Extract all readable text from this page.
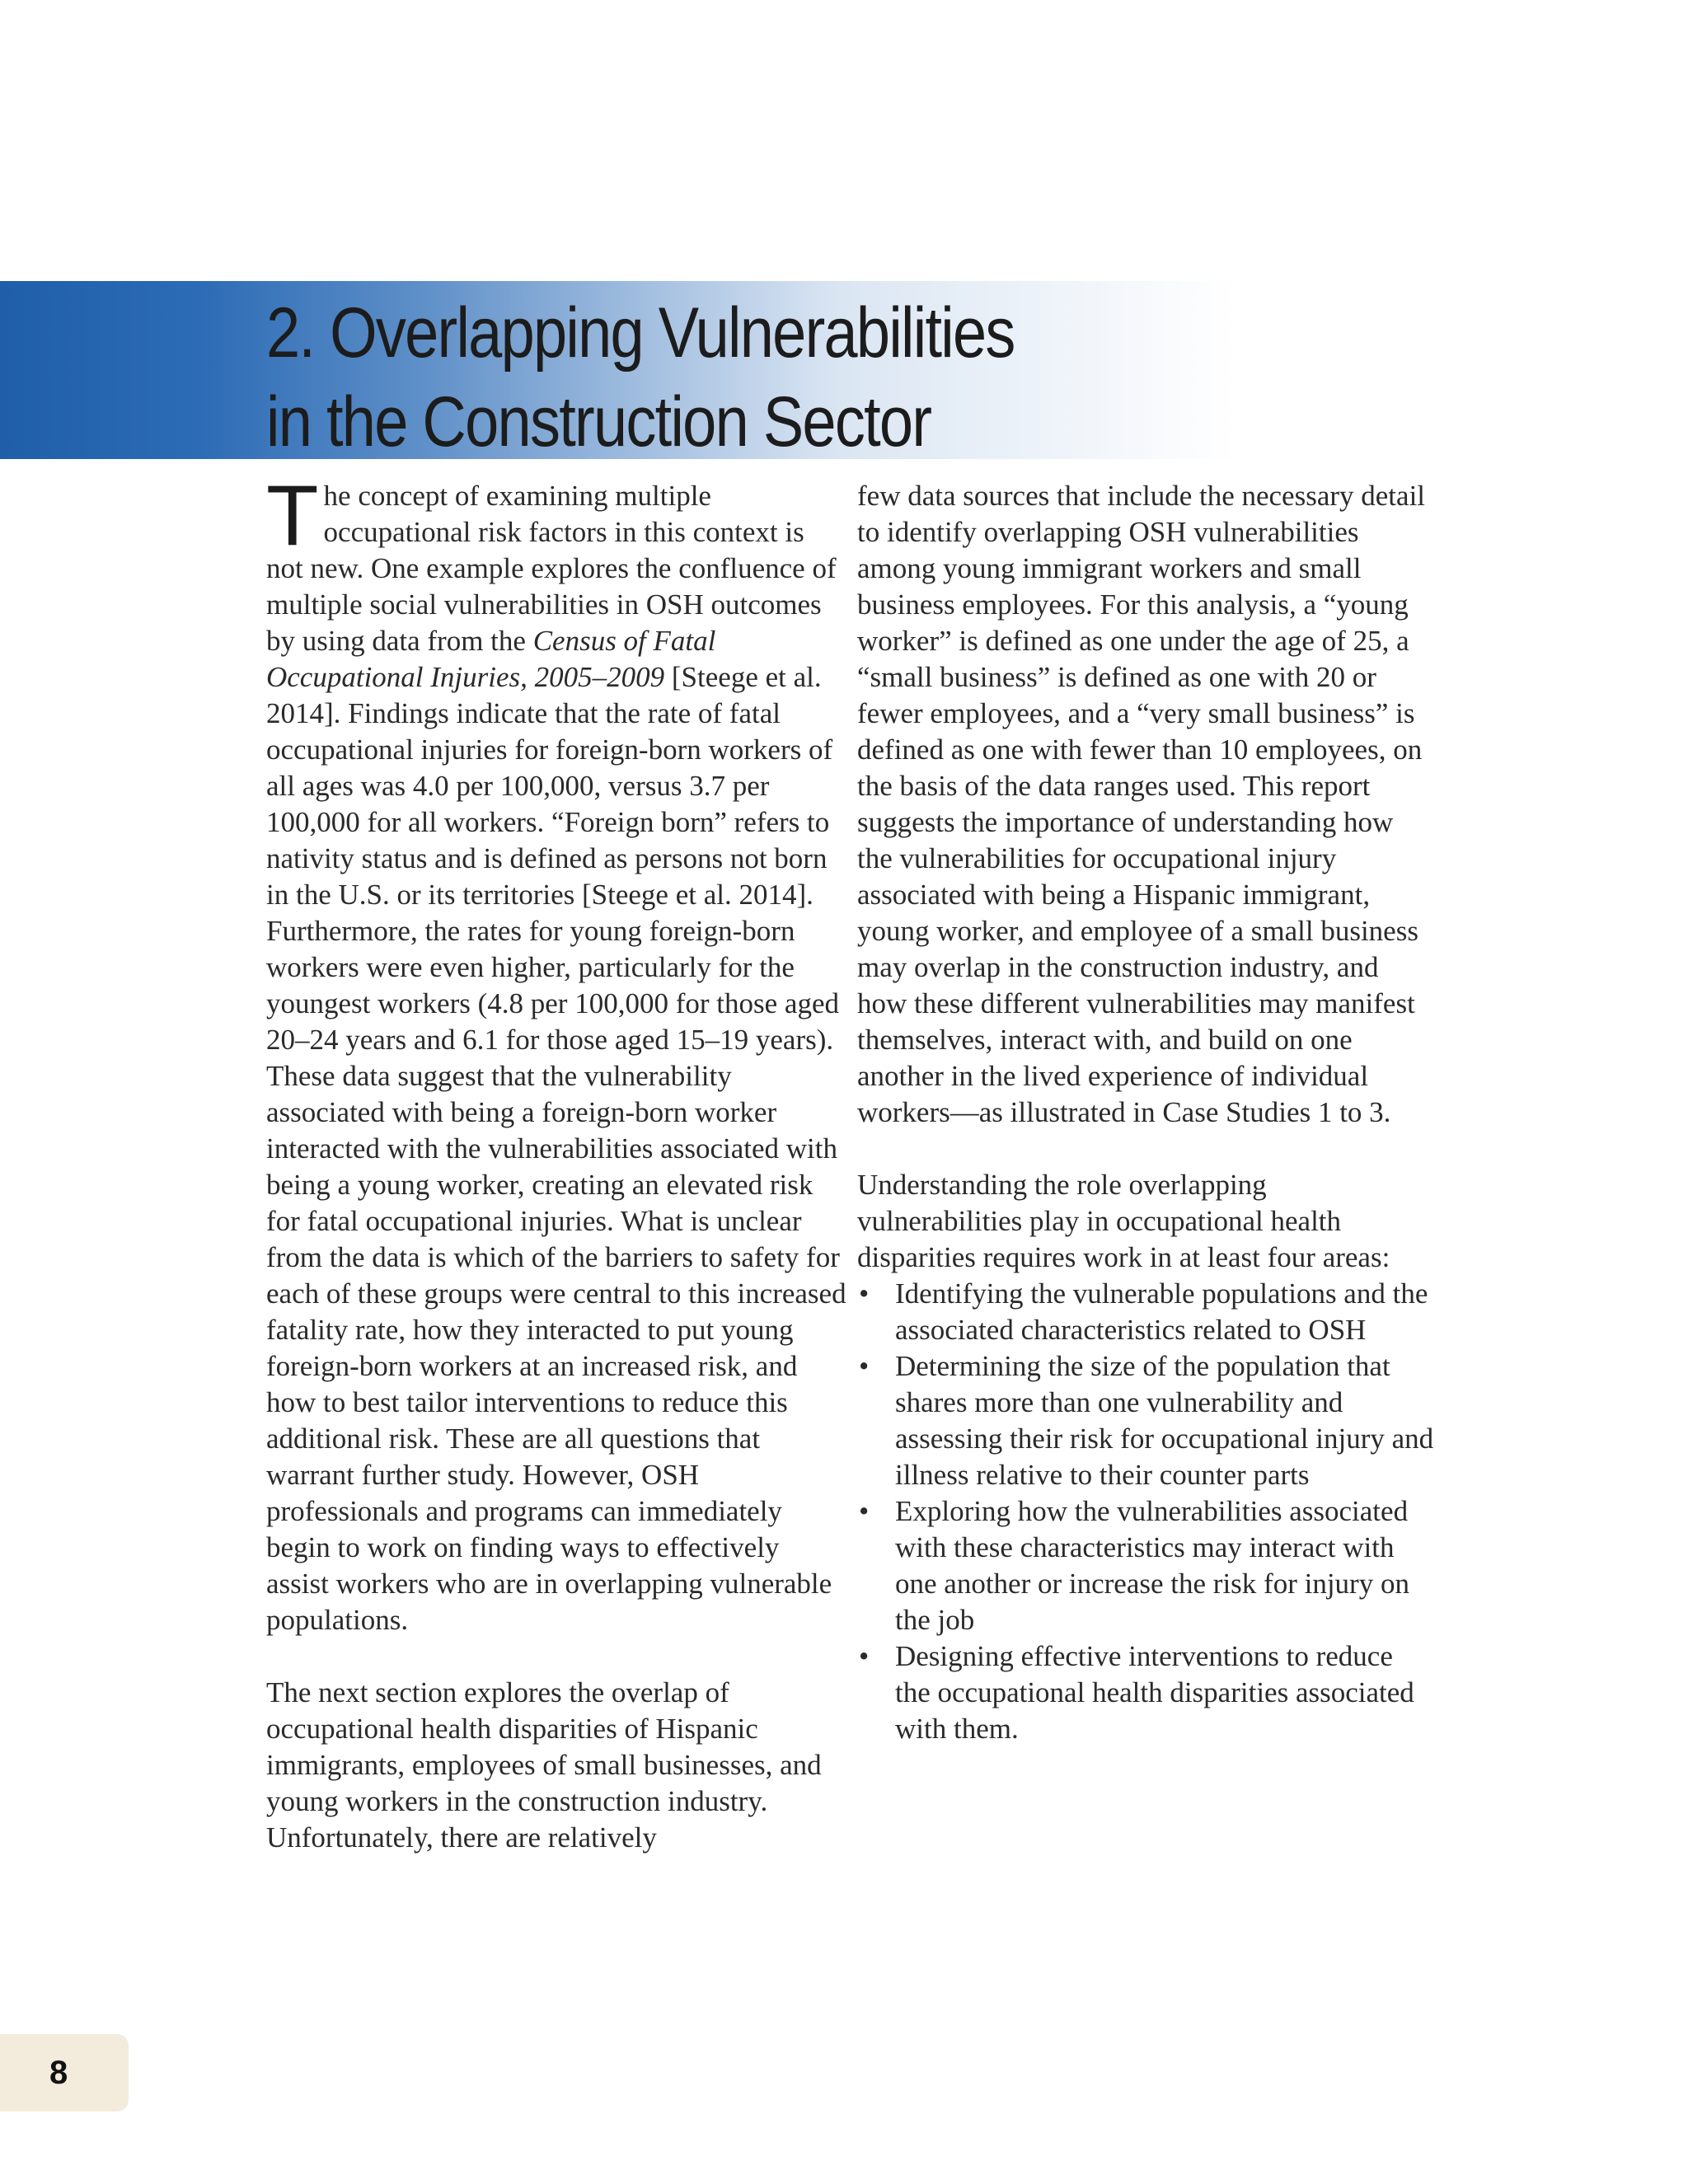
2. Overlapping Vulnerabilities
in the Construction Sector

The concept of examining multiple occupational risk factors in this context is not new. One example explores the confluence of multiple social vulnerabilities in OSH outcomes by using data from the Census of Fatal Occupational Injuries, 2005–2009 [Steege et al. 2014]. Findings indicate that the rate of fatal occupational injuries for foreign-born workers of all ages was 4.0 per 100,000, versus 3.7 per 100,000 for all workers. “Foreign born” refers to nativity status and is defined as persons not born in the U.S. or its territories [Steege et al. 2014]. Furthermore, the rates for young foreign-born workers were even higher, particularly for the youngest workers (4.8 per 100,000 for those aged 20–24 years and 6.1 for those aged 15–19 years). These data suggest that the vulnerability associated with being a foreign-born worker interacted with the vulnerabilities associated with being a young worker, creating an elevated risk for fatal occupational injuries. What is unclear from the data is which of the barriers to safety for each of these groups were central to this increased fatality rate, how they interacted to put young foreign-born workers at an increased risk, and how to best tailor interventions to reduce this additional risk. These are all questions that warrant further study. However, OSH professionals and programs can immediately begin to work on finding ways to effectively assist workers who are in overlapping vulnerable populations.

The next section explores the overlap of occupational health disparities of Hispanic immigrants, employees of small businesses, and young workers in the construction industry. Unfortunately, there are relatively

few data sources that include the necessary detail to identify overlapping OSH vulnerabilities among young immigrant workers and small business employees. For this analysis, a “young worker” is defined as one under the age of 25, a “small business” is defined as one with 20 or fewer employees, and a “very small business” is defined as one with fewer than 10 employees, on the basis of the data ranges used. This report suggests the importance of understanding how the vulnerabilities for occupational injury associated with being a Hispanic immigrant, young worker, and employee of a small business may overlap in the construction industry, and how these different vulnerabilities may manifest themselves, interact with, and build on one another in the lived experience of individual workers—as illustrated in Case Studies 1 to 3.

Understanding the role overlapping vulnerabilities play in occupational health disparities requires work in at least four areas:

• Identifying the vulnerable populations and the associated characteristics related to OSH
• Determining the size of the population that shares more than one vulnerability and assessing their risk for occupational injury and illness relative to their counter parts
• Exploring how the vulnerabilities associated with these characteristics may interact with one another or increase the risk for injury on the job
• Designing effective interventions to reduce the occupational health disparities associated with them.
8
